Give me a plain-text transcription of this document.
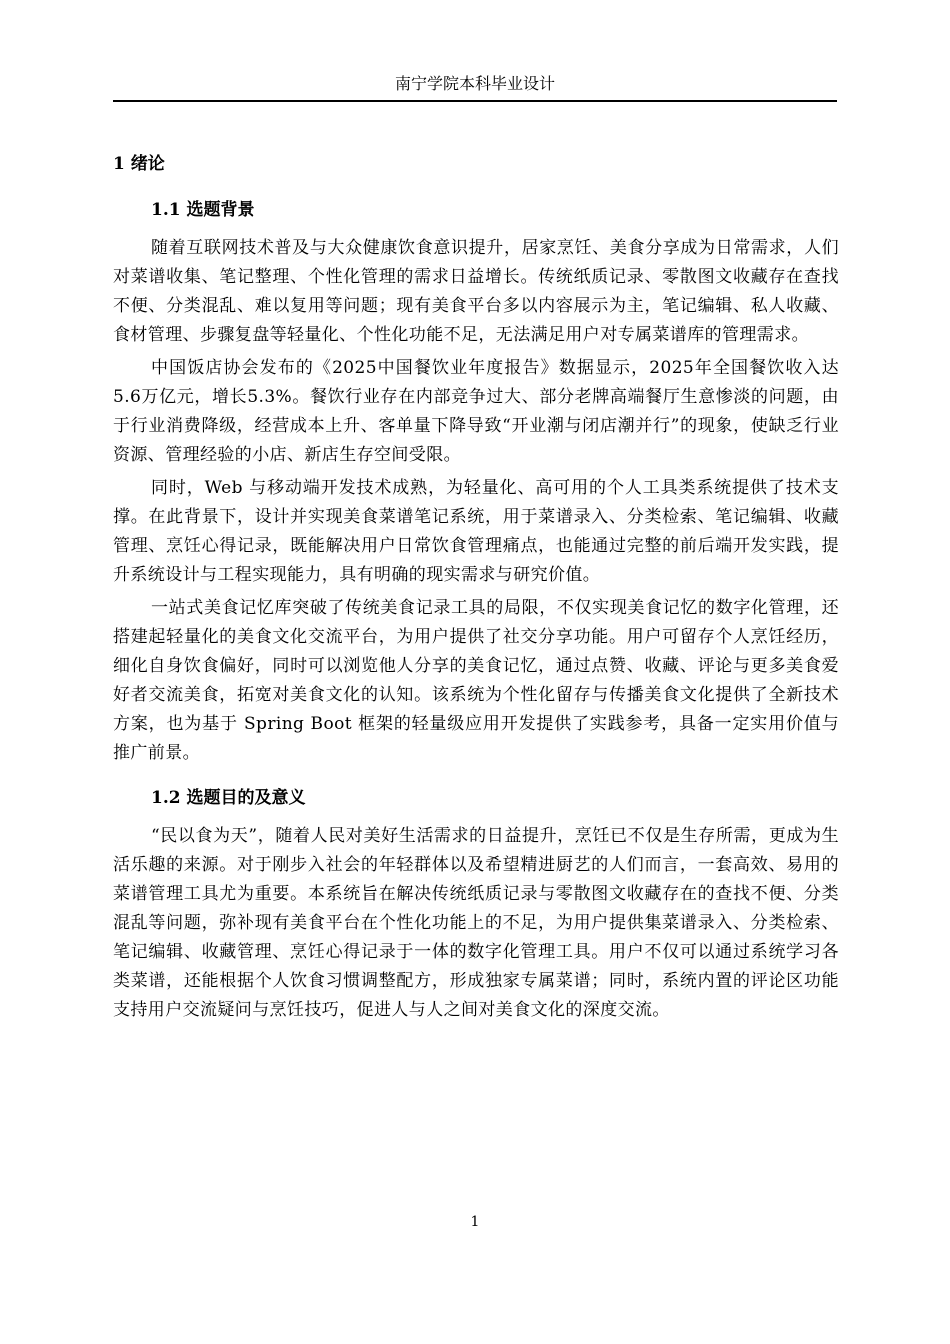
南宁学院本科毕业设计
1 绪论
1.1 选题背景

随着互联网技术普及与大众健康饮食意识提升，居家烹饪、美食分享成为日常需求，人们对菜谱收集、笔记整理、个性化管理的需求日益增长。传统纸质记录、零散图文收藏存在查找不便、分类混乱、难以复用等问题；现有美食平台多以内容展示为主，笔记编辑、私人收藏、食材管理、步骤复盘等轻量化、个性化功能不足，无法满足用户对专属菜谱库的管理需求。

中国饭店协会发布的《2025中国餐饮业年度报告》数据显示，2025年全国餐饮收入达5.6万亿元，增长5.3%。餐饮行业存在内部竞争过大、部分老牌高端餐厅生意惨淡的问题，由于行业消费降级，经营成本上升、客单量下降导致“开业潮与闭店潮并行”的现象，使缺乏行业资源、管理经验的小店、新店生存空间受限。

同时，Web 与移动端开发技术成熟，为轻量化、高可用的个人工具类系统提供了技术支撑。在此背景下，设计并实现美食菜谱笔记系统，用于菜谱录入、分类检索、笔记编辑、收藏管理、烹饪心得记录，既能解决用户日常饮食管理痛点，也能通过完整的前后端开发实践，提升系统设计与工程实现能力，具有明确的现实需求与研究价值。

一站式美食记忆库突破了传统美食记录工具的局限，不仅实现美食记忆的数字化管理，还搭建起轻量化的美食文化交流平台，为用户提供了社交分享功能。用户可留存个人烹饪经历，细化自身饮食偏好，同时可以浏览他人分享的美食记忆，通过点赞、收藏、评论与更多美食爱好者交流美食，拓宽对美食文化的认知。该系统为个性化留存与传播美食文化提供了全新技术方案，也为基于 Spring Boot 框架的轻量级应用开发提供了实践参考，具备一定实用价值与推广前景。

1.2 选题目的及意义

“民以食为天”，随着人民对美好生活需求的日益提升，烹饪已不仅是生存所需，更成为生活乐趣的来源。对于刚步入社会的年轻群体以及希望精进厨艺的人们而言，一套高效、易用的菜谱管理工具尤为重要。本系统旨在解决传统纸质记录与零散图文收藏存在的查找不便、分类混乱等问题，弥补现有美食平台在个性化功能上的不足，为用户提供集菜谱录入、分类检索、笔记编辑、收藏管理、烹饪心得记录于一体的数字化管理工具。用户不仅可以通过系统学习各类菜谱，还能根据个人饮食习惯调整配方，形成独家专属菜谱；同时，系统内置的评论区功能支持用户交流疑问与烹饪技巧，促进人与人之间对美食文化的深度交流。

1
